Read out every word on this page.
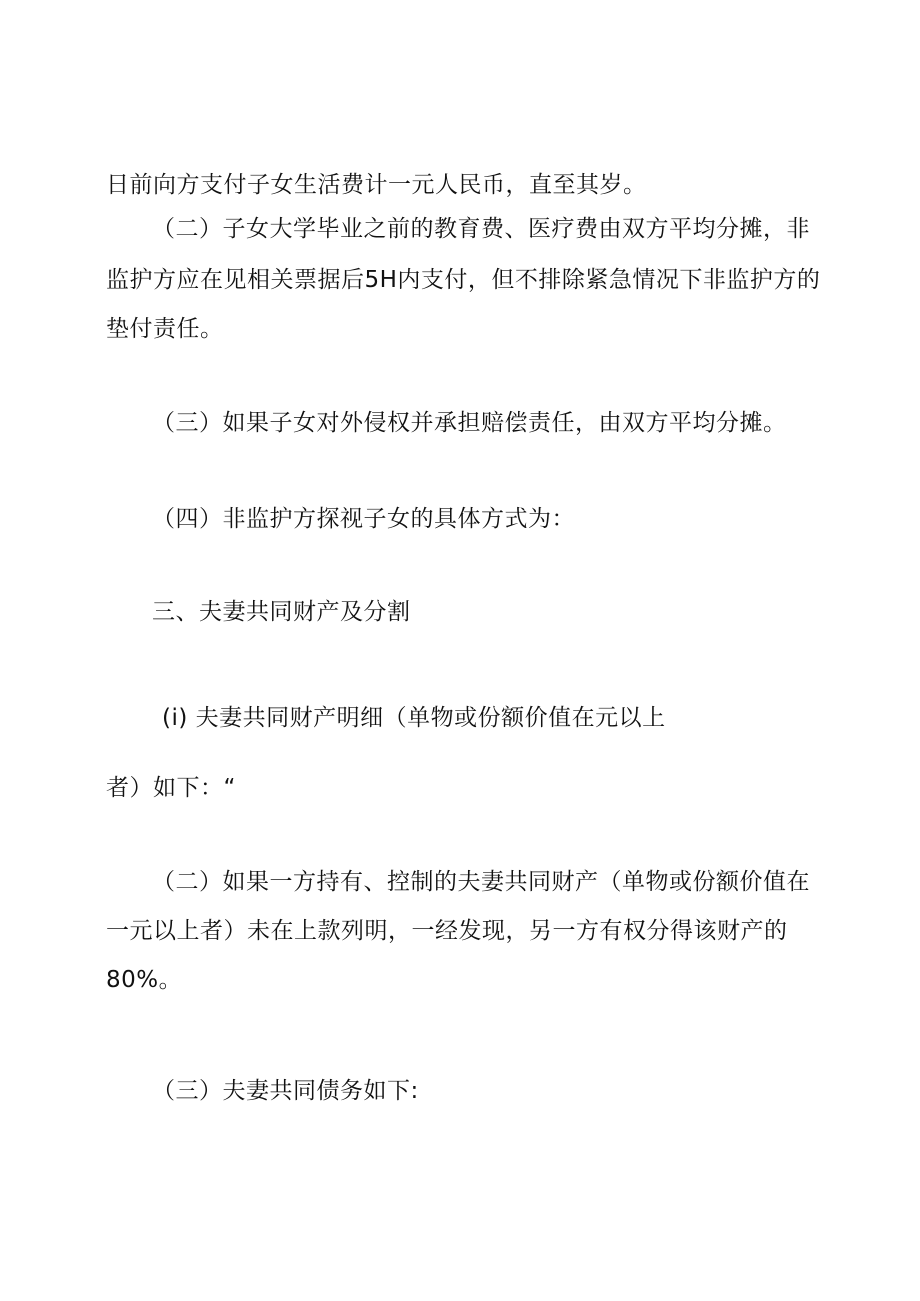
日前向方支付子女生活费计一元人民币，直至其岁。

（二）子女大学毕业之前的教育费、医疗费由双方平均分摊，非

监护方应在见相关票据后5H内支付，但不排除紧急情况下非监护方的

垫付责任。

（三）如果子女对外侵权并承担赔偿责任，由双方平均分摊。

（四）非监护方探视子女的具体方式为：

三、夫妻共同财产及分割

(i) 夫妻共同财产明细（单物或份额价值在元以上

者）如下：“

（二）如果一方持有、控制的夫妻共同财产（单物或份额价值在

一元以上者）未在上款列明，一经发现，另一方有权分得该财产的

80%。

（三）夫妻共同债务如下:
